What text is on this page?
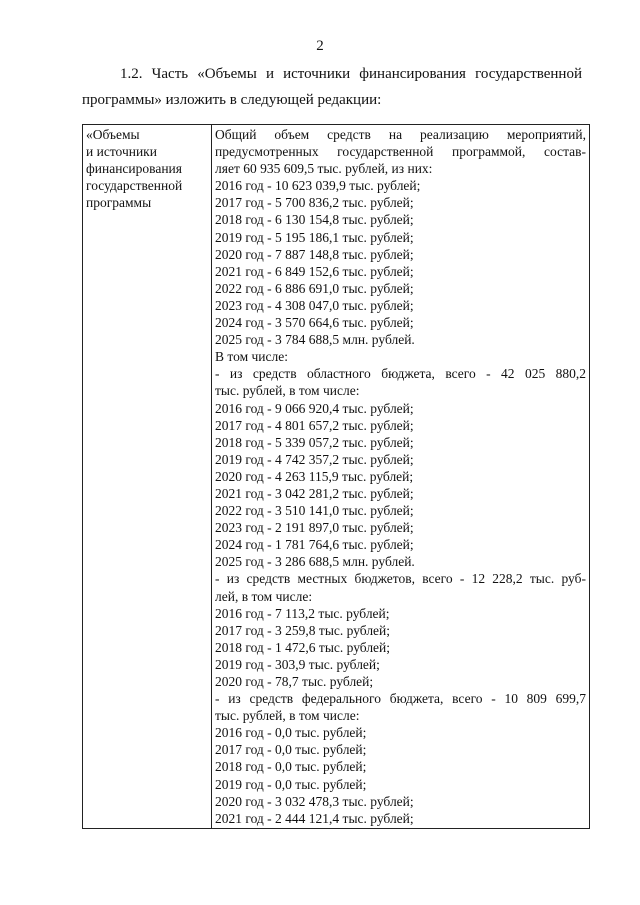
2
1.2. Часть «Объемы и источники финансирования государственной
программы» изложить в следующей редакции:
«Объемы
и источники
финансирования
государственной
программы

Общий объем средств на реализацию мероприятий,
предусмотренных государственной программой, состав-
ляет 60 935 609,5 тыс. рублей, из них:
2016 год - 10 623 039,9 тыс. рублей;
2017 год - 5 700 836,2 тыс. рублей;
2018 год - 6 130 154,8 тыс. рублей;
2019 год - 5 195 186,1 тыс. рублей;
2020 год - 7 887 148,8 тыс. рублей;
2021 год - 6 849 152,6 тыс. рублей;
2022 год - 6 886 691,0 тыс. рублей;
2023 год - 4 308 047,0 тыс. рублей;
2024 год - 3 570 664,6 тыс. рублей;
2025 год - 3 784 688,5 млн. рублей.
В том числе:
- из средств областного бюджета, всего - 42 025 880,2
тыс. рублей, в том числе:
2016 год - 9 066 920,4 тыс. рублей;
2017 год - 4 801 657,2 тыс. рублей;
2018 год - 5 339 057,2 тыс. рублей;
2019 год - 4 742 357,2 тыс. рублей;
2020 год - 4 263 115,9 тыс. рублей;
2021 год - 3 042 281,2 тыс. рублей;
2022 год - 3 510 141,0 тыс. рублей;
2023 год - 2 191 897,0 тыс. рублей;
2024 год - 1 781 764,6 тыс. рублей;
2025 год - 3 286 688,5 млн. рублей.
- из средств местных бюджетов, всего - 12 228,2 тыс. руб-
лей, в том числе:
2016 год - 7 113,2 тыс. рублей;
2017 год - 3 259,8 тыс. рублей;
2018 год - 1 472,6 тыс. рублей;
2019 год - 303,9 тыс. рублей;
2020 год - 78,7 тыс. рублей;
- из средств федерального бюджета, всего - 10 809 699,7
тыс. рублей, в том числе:
2016 год - 0,0 тыс. рублей;
2017 год - 0,0 тыс. рублей;
2018 год - 0,0 тыс. рублей;
2019 год - 0,0 тыс. рублей;
2020 год - 3 032 478,3 тыс. рублей;
2021 год - 2 444 121,4 тыс. рублей;
